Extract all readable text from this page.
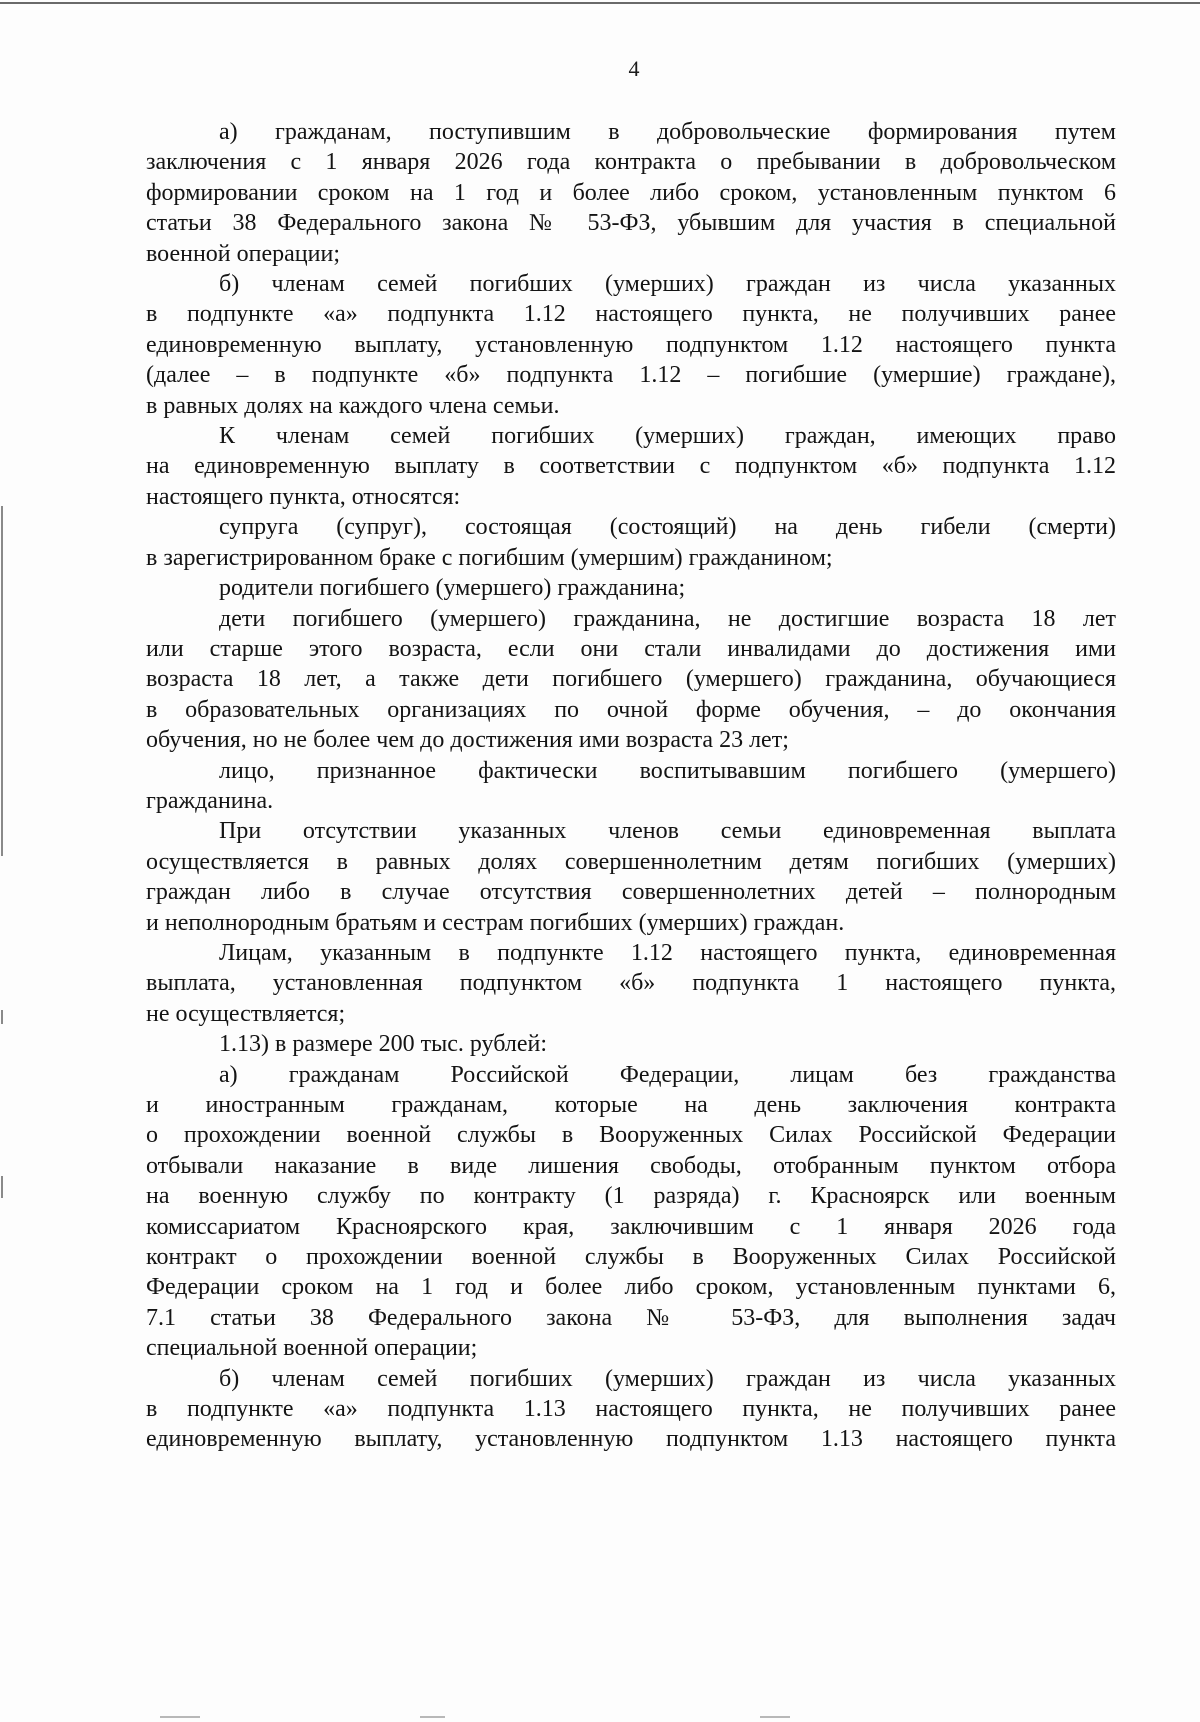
4
а) гражданам, поступившим в добровольческие формирования путем
заключения с 1 января 2026 года контракта о пребывании в добровольческом
формировании сроком на 1 год и более либо сроком, установленным пунктом 6
статьи 38 Федерального закона № 53-ФЗ, убывшим для участия в специальной
военной операции;
б) членам семей погибших (умерших) граждан из числа указанных
в подпункте «а» подпункта 1.12 настоящего пункта, не получивших ранее
единовременную выплату, установленную подпунктом 1.12 настоящего пункта
(далее – в подпункте «б» подпункта 1.12 – погибшие (умершие) граждане),
в равных долях на каждого члена семьи.
К членам семей погибших (умерших) граждан, имеющих право
на единовременную выплату в соответствии с подпунктом «б» подпункта 1.12
настоящего пункта, относятся:
супруга (супруг), состоящая (состоящий) на день гибели (смерти)
в зарегистрированном браке с погибшим (умершим) гражданином;
родители погибшего (умершего) гражданина;
дети погибшего (умершего) гражданина, не достигшие возраста 18 лет
или старше этого возраста, если они стали инвалидами до достижения ими
возраста 18 лет, а также дети погибшего (умершего) гражданина, обучающиеся
в образовательных организациях по очной форме обучения, – до окончания
обучения, но не более чем до достижения ими возраста 23 лет;
лицо, признанное фактически воспитывавшим погибшего (умершего)
гражданина.
При отсутствии указанных членов семьи единовременная выплата
осуществляется в равных долях совершеннолетним детям погибших (умерших)
граждан либо в случае отсутствия совершеннолетних детей – полнородным
и неполнородным братьям и сестрам погибших (умерших) граждан.
Лицам, указанным в подпункте 1.12 настоящего пункта, единовременная
выплата, установленная подпунктом «б» подпункта 1 настоящего пункта,
не осуществляется;
1.13) в размере 200 тыс. рублей:
а) гражданам Российской Федерации, лицам без гражданства
и иностранным гражданам, которые на день заключения контракта
о прохождении военной службы в Вооруженных Силах Российской Федерации
отбывали наказание в виде лишения свободы, отобранным пунктом отбора
на военную службу по контракту (1 разряда) г. Красноярск или военным
комиссариатом Красноярского края, заключившим с 1 января 2026 года
контракт о прохождении военной службы в Вооруженных Силах Российской
Федерации сроком на 1 год и более либо сроком, установленным пунктами 6,
7.1 статьи 38 Федерального закона № 53-ФЗ, для выполнения задач
специальной военной операции;
б) членам семей погибших (умерших) граждан из числа указанных
в подпункте «а» подпункта 1.13 настоящего пункта, не получивших ранее
единовременную выплату, установленную подпунктом 1.13 настоящего пункта
